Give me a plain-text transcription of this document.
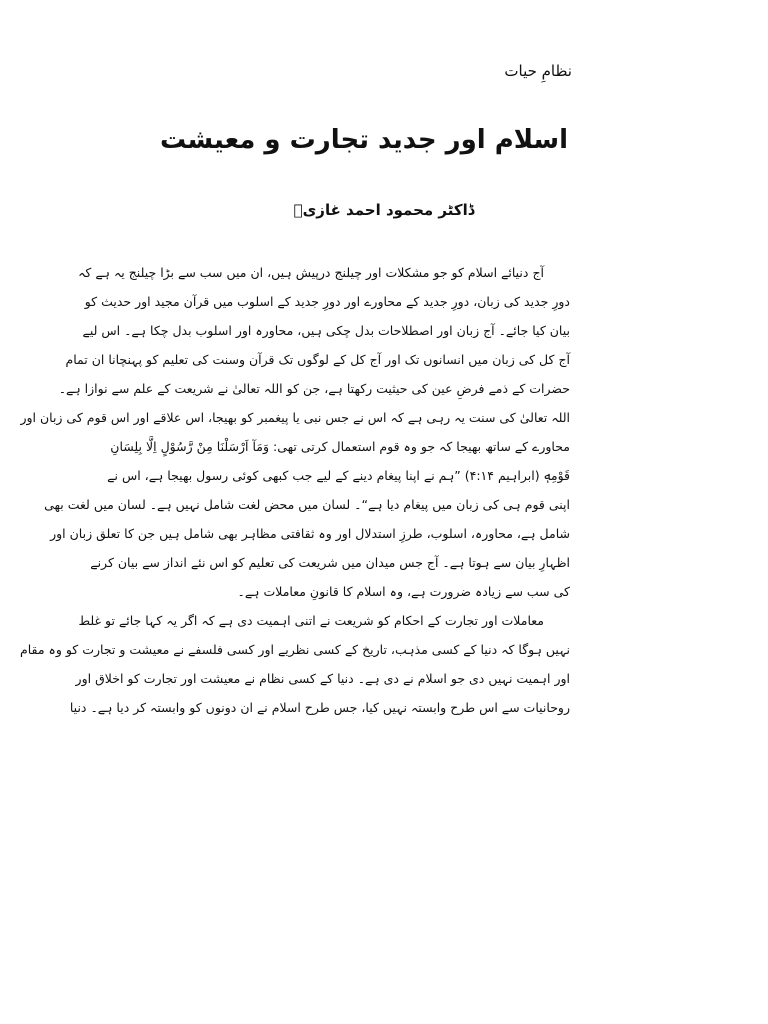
نظامِ حیات
اسلام اور جدید تجارت و معیشت
ڈاکٹر محمود احمد غازیؒ
آج دنیائے اسلام کو جو مشکلات اور چیلنج درپیش ہیں، ان میں سب سے بڑا چیلنج یہ ہے کہ
دورِ جدید کی زبان، دورِ جدید کے محاورے اور دورِ جدید کے اسلوب میں قرآن مجید اور حدیث کو
بیان کیا جائے۔ آج زبان اور اصطلاحات بدل چکی ہیں، محاورہ اور اسلوب بدل چکا ہے۔ اس لیے
آج کل کی زبان میں انسانوں تک اور آج کل کے لوگوں تک قرآن وسنت کی تعلیم کو پہنچانا ان تمام
حضرات کے ذمے فرضِ عین کی حیثیت رکھتا ہے، جن کو اللہ تعالیٰ نے شریعت کے علم سے نوازا ہے۔
اللہ تعالیٰ کی سنت یہ رہی ہے کہ اس نے جس نبی یا پیغمبر کو بھیجا، اس علاقے اور اس قوم کی زبان اور
محاورے کے ساتھ بھیجا کہ جو وہ قوم استعمال کرتی تھی: وَمَآ اَرْسَلْنَا مِنْ رَّسُوْلٍ اِلَّا بِلِسَانِ
قَوْمِهٖ (ابراہیم ۴:۱۴) ”ہم نے اپنا پیغام دینے کے لیے جب کبھی کوئی رسول بھیجا ہے، اس نے
اپنی قوم ہی کی زبان میں پیغام دیا ہے“۔ لسان میں محض لغت شامل نہیں ہے۔ لسان میں لغت بھی
شامل ہے، محاورہ، اسلوب، طرزِ استدلال اور وہ ثقافتی مظاہر بھی شامل ہیں جن کا تعلق زبان اور
اظہارِ بیان سے ہوتا ہے۔ آج جس میدان میں شریعت کی تعلیم کو اس نئے انداز سے بیان کرنے
کی سب سے زیادہ ضرورت ہے، وہ اسلام کا قانونِ معاملات ہے۔
معاملات اور تجارت کے احکام کو شریعت نے اتنی اہمیت دی ہے کہ اگر یہ کہا جائے تو غلط
نہیں ہوگا کہ دنیا کے کسی مذہب، تاریخ کے کسی نظریے اور کسی فلسفے نے معیشت و تجارت کو وہ مقام
اور اہمیت نہیں دی جو اسلام نے دی ہے۔ دنیا کے کسی نظام نے معیشت اور تجارت کو اخلاق اور
روحانیات سے اس طرح وابستہ نہیں کیا، جس طرح اسلام نے ان دونوں کو وابستہ کر دیا ہے۔ دنیا
